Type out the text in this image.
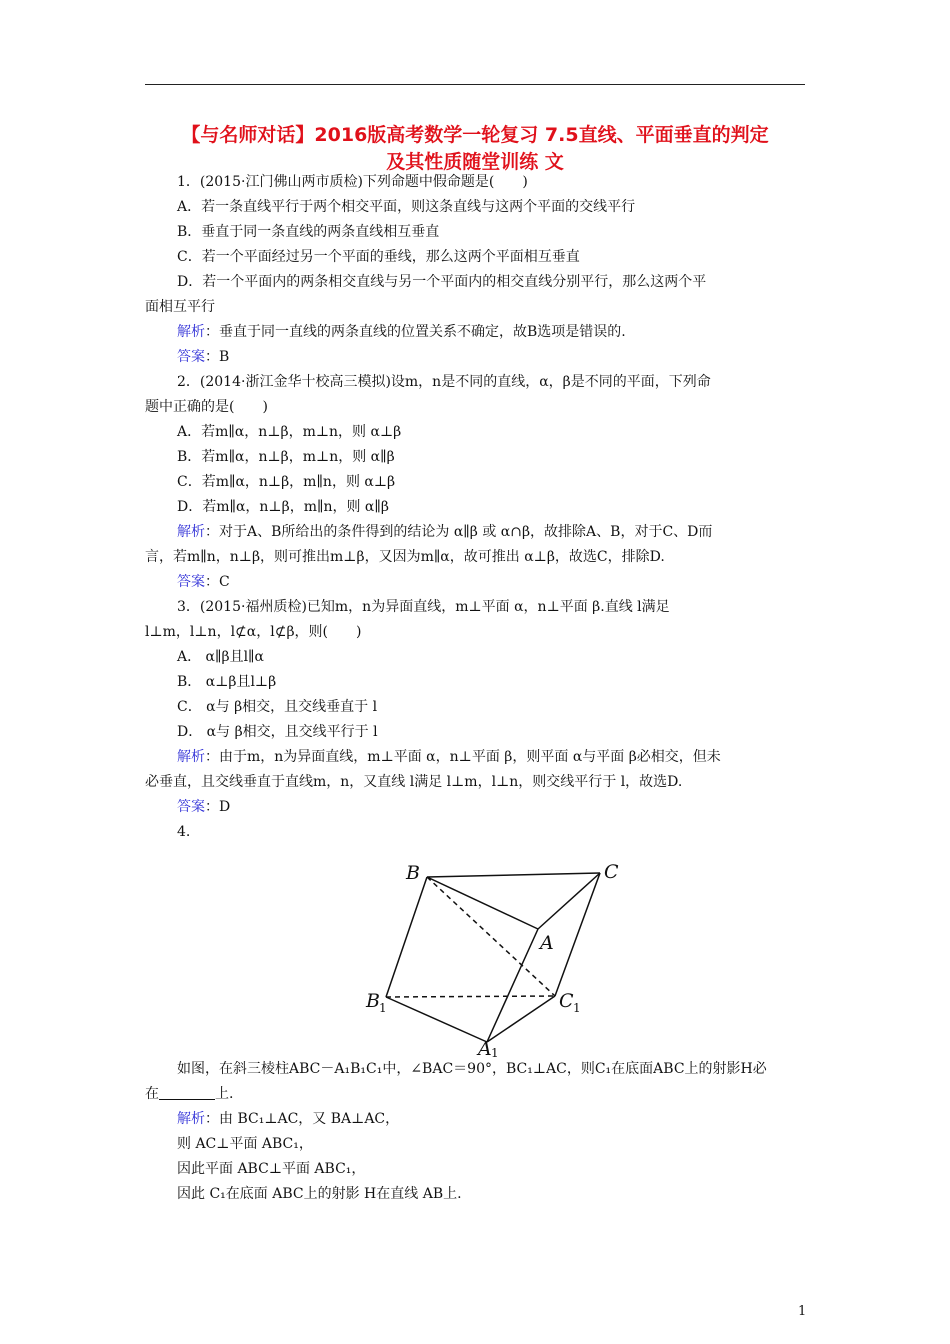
【与名师对话】2016版高考数学一轮复习 7.5直线、平面垂直的判定
及其性质随堂训练 文

1．(2015·江门佛山两市质检)下列命题中假命题是(　　)

A．若一条直线平行于两个相交平面，则这条直线与这两个平面的交线平行

B．垂直于同一条直线的两条直线相互垂直

C．若一个平面经过另一个平面的垂线，那么这两个平面相互垂直

D．若一个平面内的两条相交直线与另一个平面内的相交直线分别平行，那么这两个平

面相互平行

解析：垂直于同一直线的两条直线的位置关系不确定，故B选项是错误的.

答案：B

2．(2014·浙江金华十校高三模拟)设m，n是不同的直线，α，β是不同的平面，下列命

题中正确的是(　　)

A．若m∥α，n⊥β，m⊥n，则 α⊥β

B．若m∥α，n⊥β，m⊥n，则 α∥β

C．若m∥α，n⊥β，m∥n，则 α⊥β

D．若m∥α，n⊥β，m∥n，则 α∥β

解析：对于A、B所给出的条件得到的结论为 α∥β 或 α∩β，故排除A、B，对于C、D而

言，若m∥n，n⊥β，则可推出m⊥β，又因为m∥α，故可推出 α⊥β，故选C，排除D.

答案：C

3．(2015·福州质检)已知m，n为异面直线，m⊥平面 α，n⊥平面 β.直线 l满足

l⊥m，l⊥n，l⊄α，l⊄β，则(　　)

A． α∥β且l∥α

B． α⊥β且l⊥β

C． α与 β相交，且交线垂直于 l

D． α与 β相交，且交线平行于 l

解析：由于m，n为异面直线，m⊥平面 α，n⊥平面 β，则平面 α与平面 β必相交，但未

必垂直，且交线垂直于直线m，n，又直线 l满足 l⊥m，l⊥n，则交线平行于 l，故选D.

答案：D

4.

B	C
A
B 1	C 1
A 1

如图，在斜三棱柱ABC－A₁B₁C₁中，∠BAC＝90°，BC₁⊥AC，则C₁在底面ABC上的射影H必

在	上.

解析：由 BC₁⊥AC，又 BA⊥AC，

则 AC⊥平面 ABC₁，

因此平面 ABC⊥平面 ABC₁，

因此 C₁在底面 ABC上的射影 H在直线 AB上.

1
